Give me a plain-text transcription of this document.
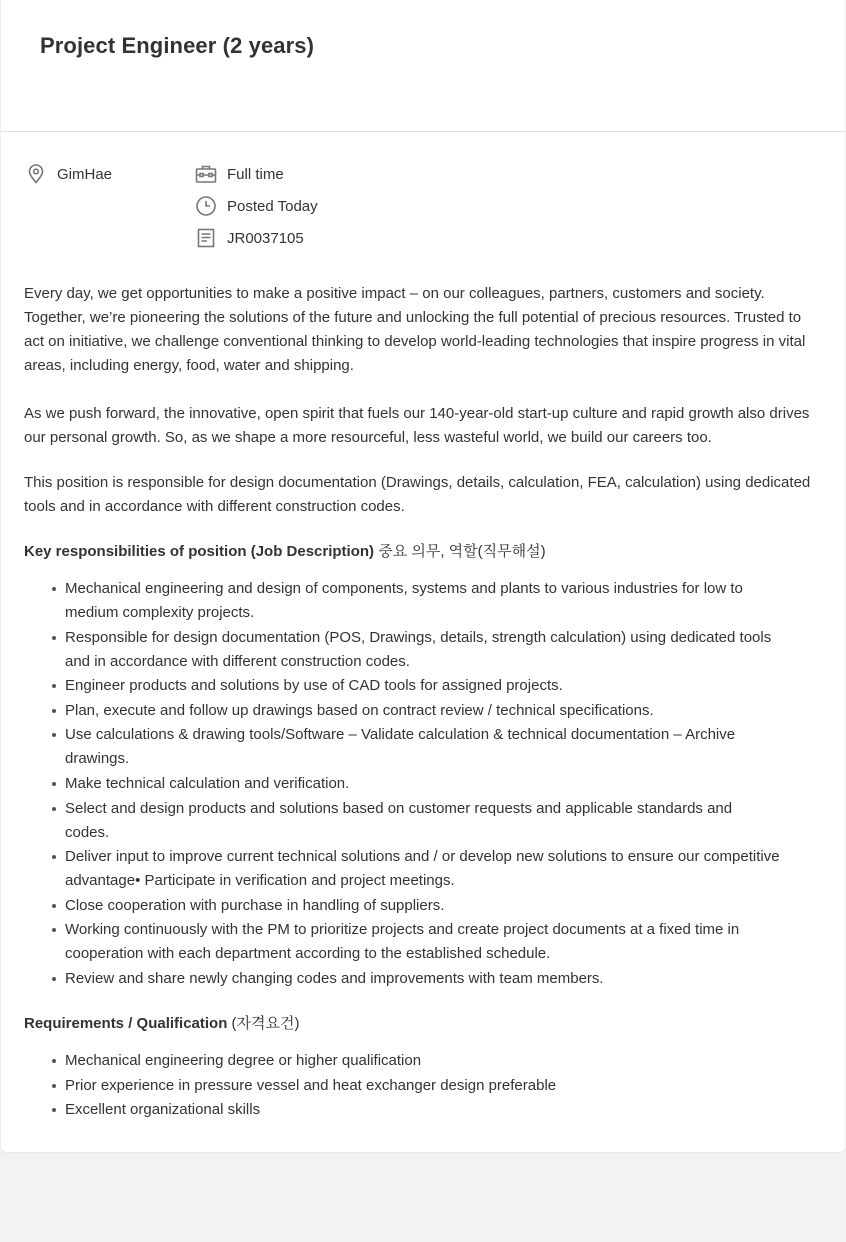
Project Engineer (2 years)
GimHae	Full time
Posted Today
JR0037105

Every day, we get opportunities to make a positive impact – on our colleagues, partners, customers and society. Together, we’re pioneering the solutions of the future and unlocking the full potential of precious resources. Trusted to act on initiative, we challenge conventional thinking to develop world-leading technologies that inspire progress in vital areas, including energy, food, water and shipping.

As we push forward, the innovative, open spirit that fuels our 140-year-old start-up culture and rapid growth also drives our personal growth. So, as we shape a more resourceful, less wasteful world, we build our careers too.

This position is responsible for design documentation (Drawings, details, calculation, FEA, calculation) using dedicated tools and in accordance with different construction codes.

Key responsibilities of position (Job Description) 중요 의무, 역할(직무해설)

Mechanical engineering and design of components, systems and plants to various industries for low to medium complexity projects.
Responsible for design documentation (POS, Drawings, details, strength calculation) using dedicated tools and in accordance with different construction codes.
Engineer products and solutions by use of CAD tools for assigned projects.
Plan, execute and follow up drawings based on contract review / technical specifications.
Use calculations & drawing tools/Software – Validate calculation & technical documentation – Archive drawings.
Make technical calculation and verification.
Select and design products and solutions based on customer requests and applicable standards and codes.
Deliver input to improve current technical solutions and / or develop new solutions to ensure our competitive advantage• Participate in verification and project meetings.
Close cooperation with purchase in handling of suppliers.
Working continuously with the PM to prioritize projects and create project documents at a fixed time in cooperation with each department according to the established schedule.
Review and share newly changing codes and improvements with team members.

Requirements / Qualification (자격요건)

Mechanical engineering degree or higher qualification
Prior experience in pressure vessel and heat exchanger design preferable
Excellent organizational skills
